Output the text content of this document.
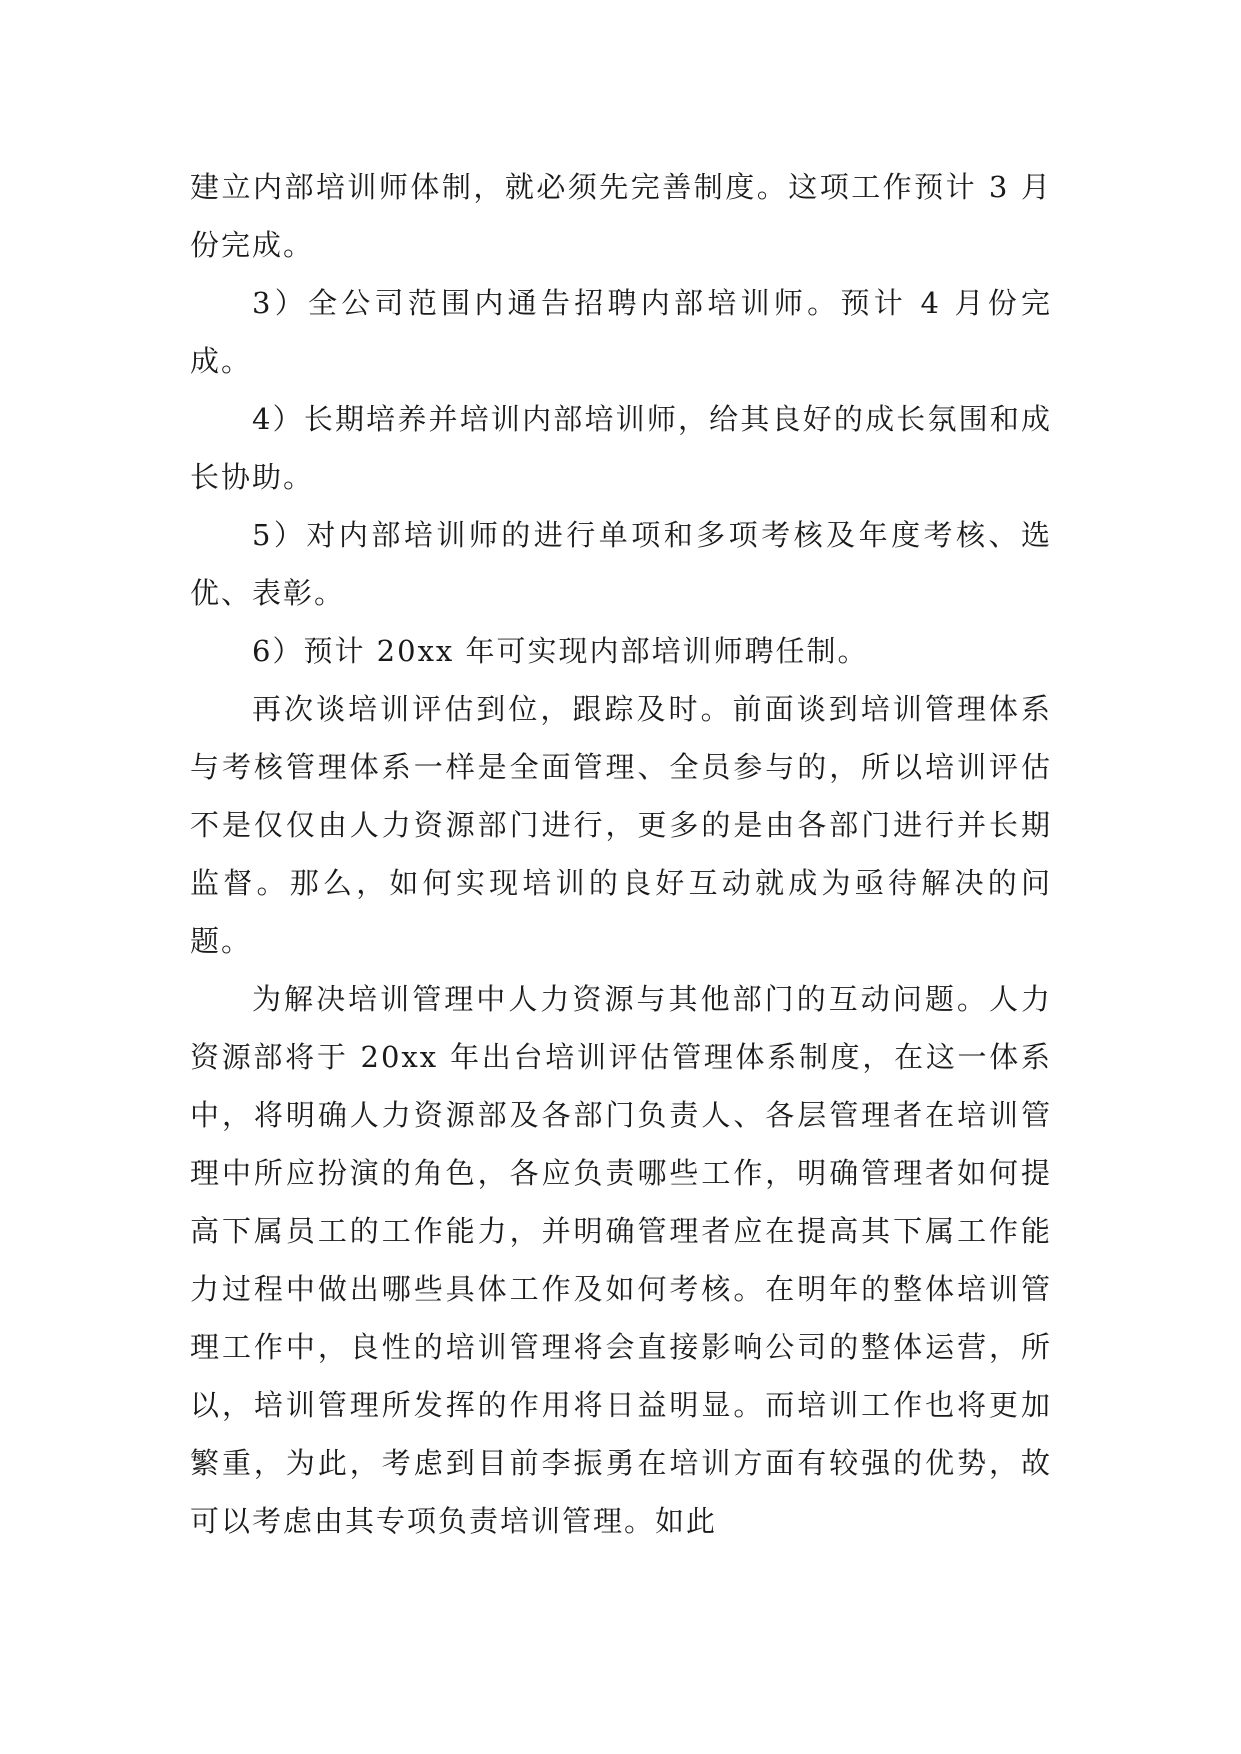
建立内部培训师体制，就必须先完善制度。这项工作预计 3 月份完成。

3）全公司范围内通告招聘内部培训师。预计 4 月份完成。

4）长期培养并培训内部培训师，给其良好的成长氛围和成长协助。

5）对内部培训师的进行单项和多项考核及年度考核、选优、表彰。

6）预计 20xx 年可实现内部培训师聘任制。

再次谈培训评估到位，跟踪及时。前面谈到培训管理体系与考核管理体系一样是全面管理、全员参与的，所以培训评估不是仅仅由人力资源部门进行，更多的是由各部门进行并长期监督。那么，如何实现培训的良好互动就成为亟待解决的问题。

为解决培训管理中人力资源与其他部门的互动问题。人力资源部将于 20xx 年出台培训评估管理体系制度，在这一体系中，将明确人力资源部及各部门负责人、各层管理者在培训管理中所应扮演的角色，各应负责哪些工作，明确管理者如何提高下属员工的工作能力，并明确管理者应在提高其下属工作能力过程中做出哪些具体工作及如何考核。在明年的整体培训管理工作中，良性的培训管理将会直接影响公司的整体运营，所以，培训管理所发挥的作用将日益明显。而培训工作也将更加繁重，为此，考虑到目前李振勇在培训方面有较强的优势，故可以考虑由其专项负责培训管理。如此
